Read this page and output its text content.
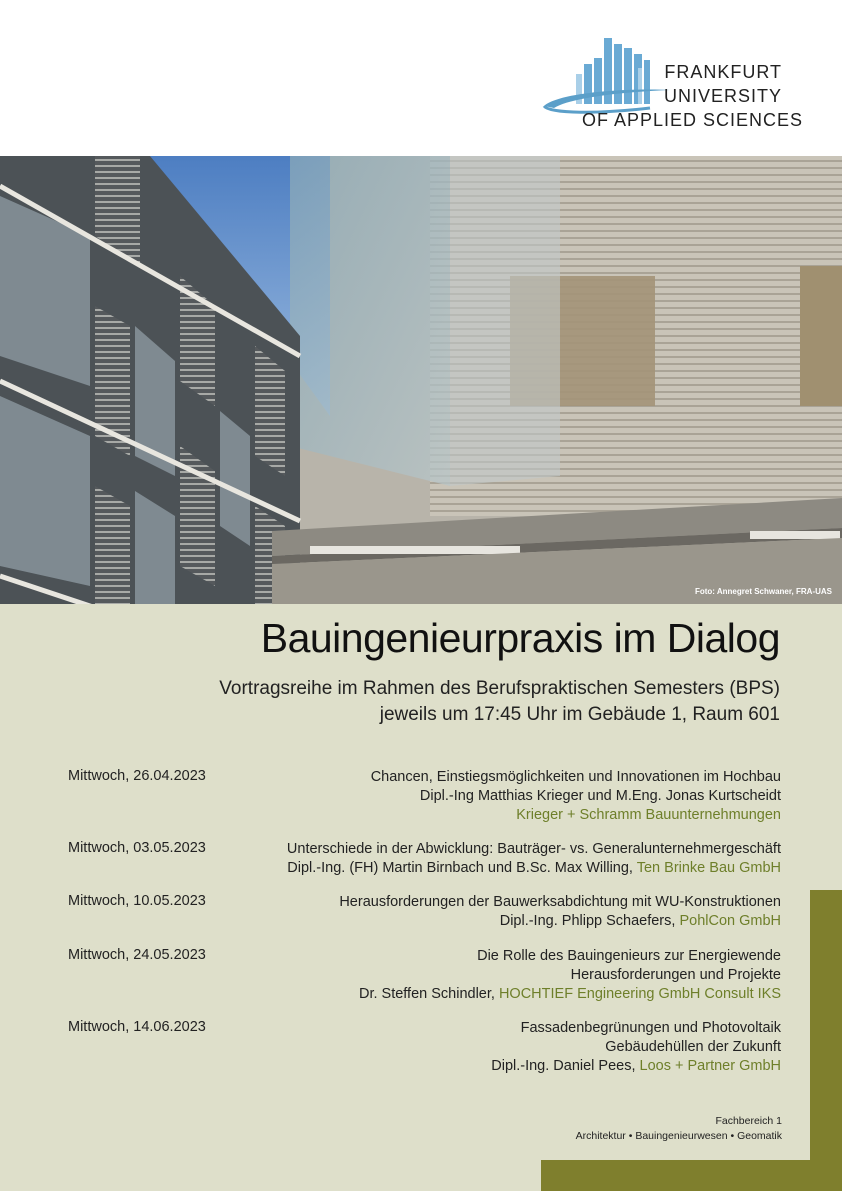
FRANKFURT
UNIVERSITY
OF APPLIED SCIENCES
Foto: Annegret Schwaner, FRA-UAS
Bauingenieurpraxis im Dialog
Vortragsreihe im Rahmen des Berufspraktischen Semesters (BPS)
jeweils um 17:45 Uhr im Gebäude 1, Raum 601
Mittwoch, 26.04.2023	Chancen, Einstiegsmöglichkeiten und Innovationen im Hochbau
Dipl.-Ing Matthias Krieger und M.Eng. Jonas Kurtscheidt
Krieger + Schramm Bauunternehmungen
Mittwoch, 03.05.2023	Unterschiede in der Abwicklung: Bauträger- vs. Generalunternehmergeschäft
Dipl.-Ing. (FH) Martin Birnbach und B.Sc. Max Willing, Ten Brinke Bau GmbH
Mittwoch, 10.05.2023	Herausforderungen der Bauwerksabdichtung mit WU-Konstruktionen
Dipl.-Ing. Phlipp Schaefers, PohlCon GmbH
Mittwoch, 24.05.2023	Die Rolle des Bauingenieurs zur Energiewende
Herausforderungen und Projekte
Dr. Steffen Schindler, HOCHTIEF Engineering GmbH Consult IKS
Mittwoch, 14.06.2023	Fassadenbegrünungen und Photovoltaik
Gebäudehüllen der Zukunft
Dipl.-Ing. Daniel Pees, Loos + Partner GmbH
Fachbereich 1
Architektur • Bauingenieurwesen • Geomatik
